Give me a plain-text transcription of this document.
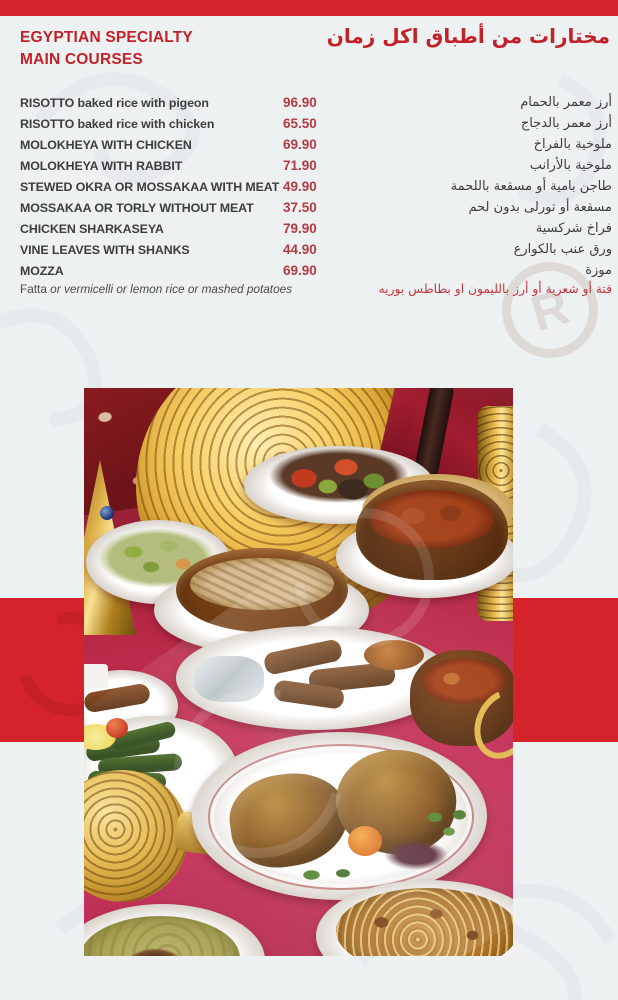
R
EGYPTIAN SPECIALTY
MAIN COURSES
مختارات من أطباق اكل زمان
RISOTTO baked rice with pigeon	96.90	أرز معمر بالحمام
RISOTTO baked rice with chicken	65.50	أرز معمر بالدجاج
MOLOKHEYA WITH CHICKEN	69.90	ملوخية بالفراخ
MOLOKHEYA WITH RABBIT	71.90	ملوخية بالأرانب
STEWED OKRA OR MOSSAKAA WITH MEAT 49.90	طاجن بامية أو مسقعة باللحمة
MOSSAKAA OR TORLY WITHOUT MEAT	37.50	مسقعة أو تورلى بدون لحم
CHICKEN SHARKASEYA	79.90	فراخ شركسية
VINE LEAVES WITH SHANKS	44.90	ورق عنب بالكوارع
MOZZA	69.90	موزة
Fatta or vermicelli or lemon rice or mashed potatoes	فتة أو شعرية أو أرز بالليمون او بطاطس بوريه
